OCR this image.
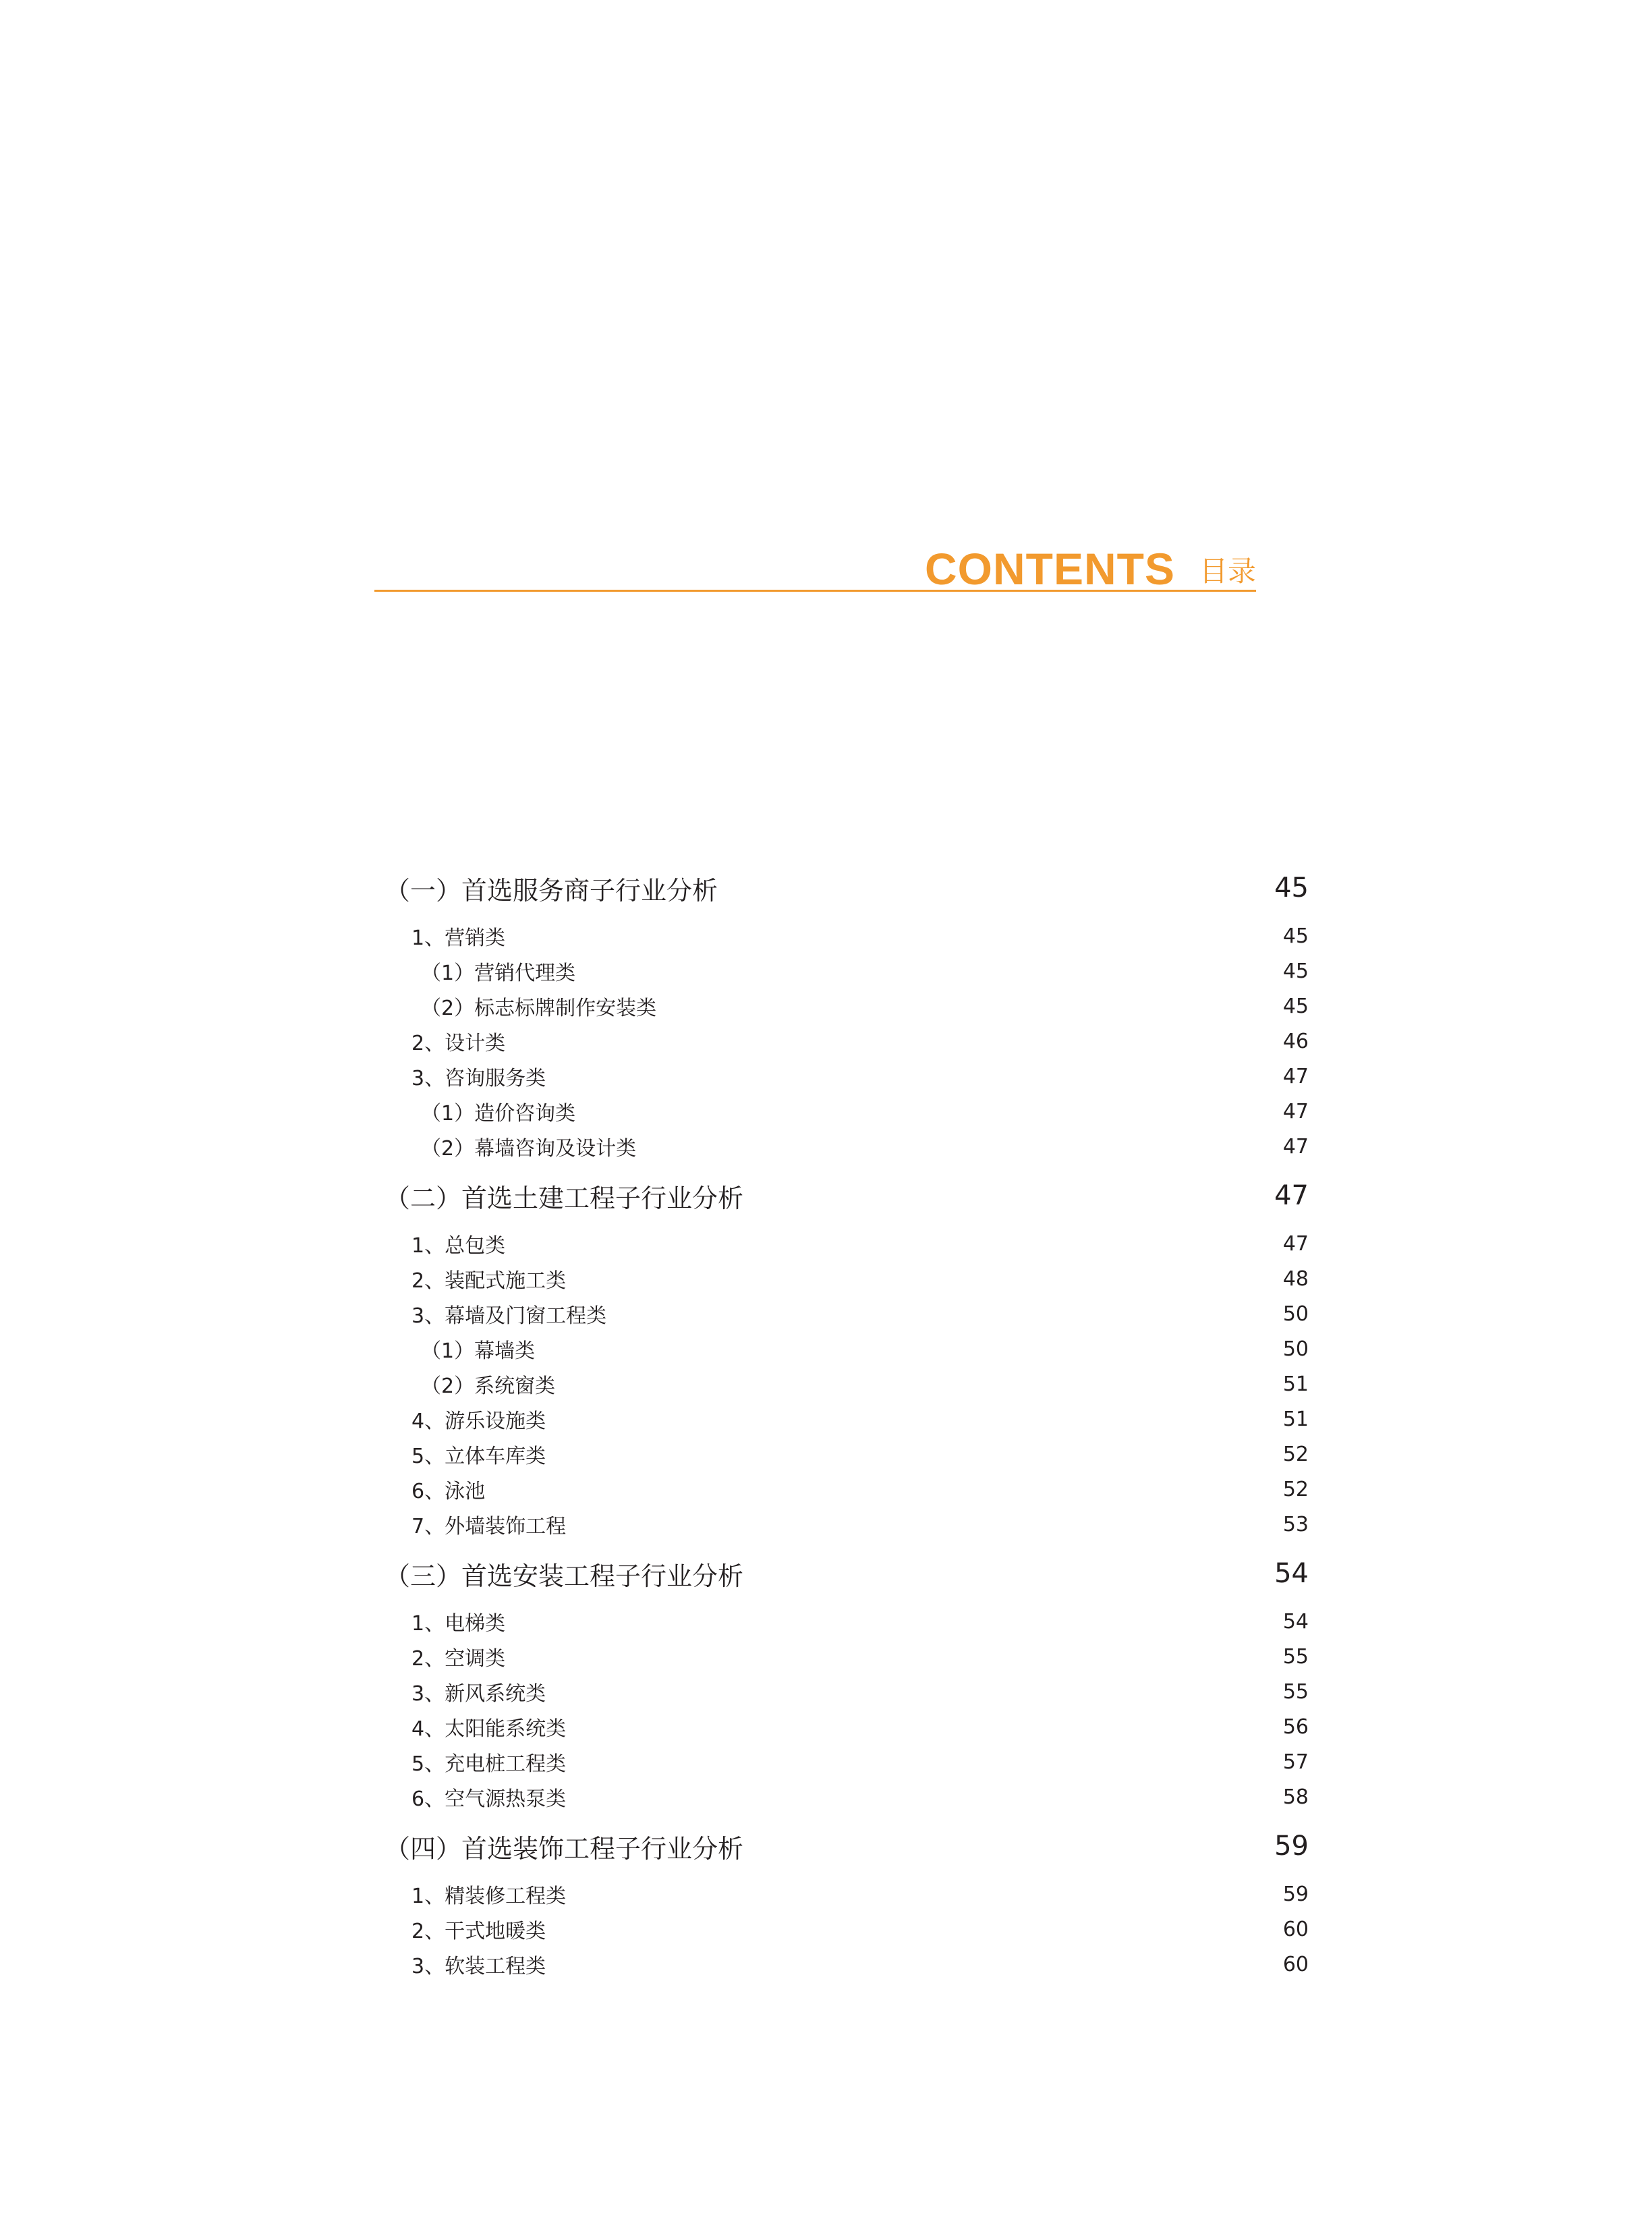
CONTENTS 目录
（一）首选服务商子行业分析	45
1、营销类	45
（1）营销代理类	45
（2）标志标牌制作安装类	45
2、设计类	46
3、咨询服务类	47
（1）造价咨询类	47
（2）幕墙咨询及设计类	47
（二）首选土建工程子行业分析	47
1、总包类	47
2、装配式施工类	48
3、幕墙及门窗工程类	50
（1）幕墙类	50
（2）系统窗类	51
4、游乐设施类	51
5、立体车库类	52
6、泳池	52
7、外墙装饰工程	53
（三）首选安装工程子行业分析	54
1、电梯类	54
2、空调类	55
3、新风系统类	55
4、太阳能系统类	56
5、充电桩工程类	57
6、空气源热泵类	58
（四）首选装饰工程子行业分析	59
1、精装修工程类	59
2、干式地暖类	60
3、软装工程类	60
